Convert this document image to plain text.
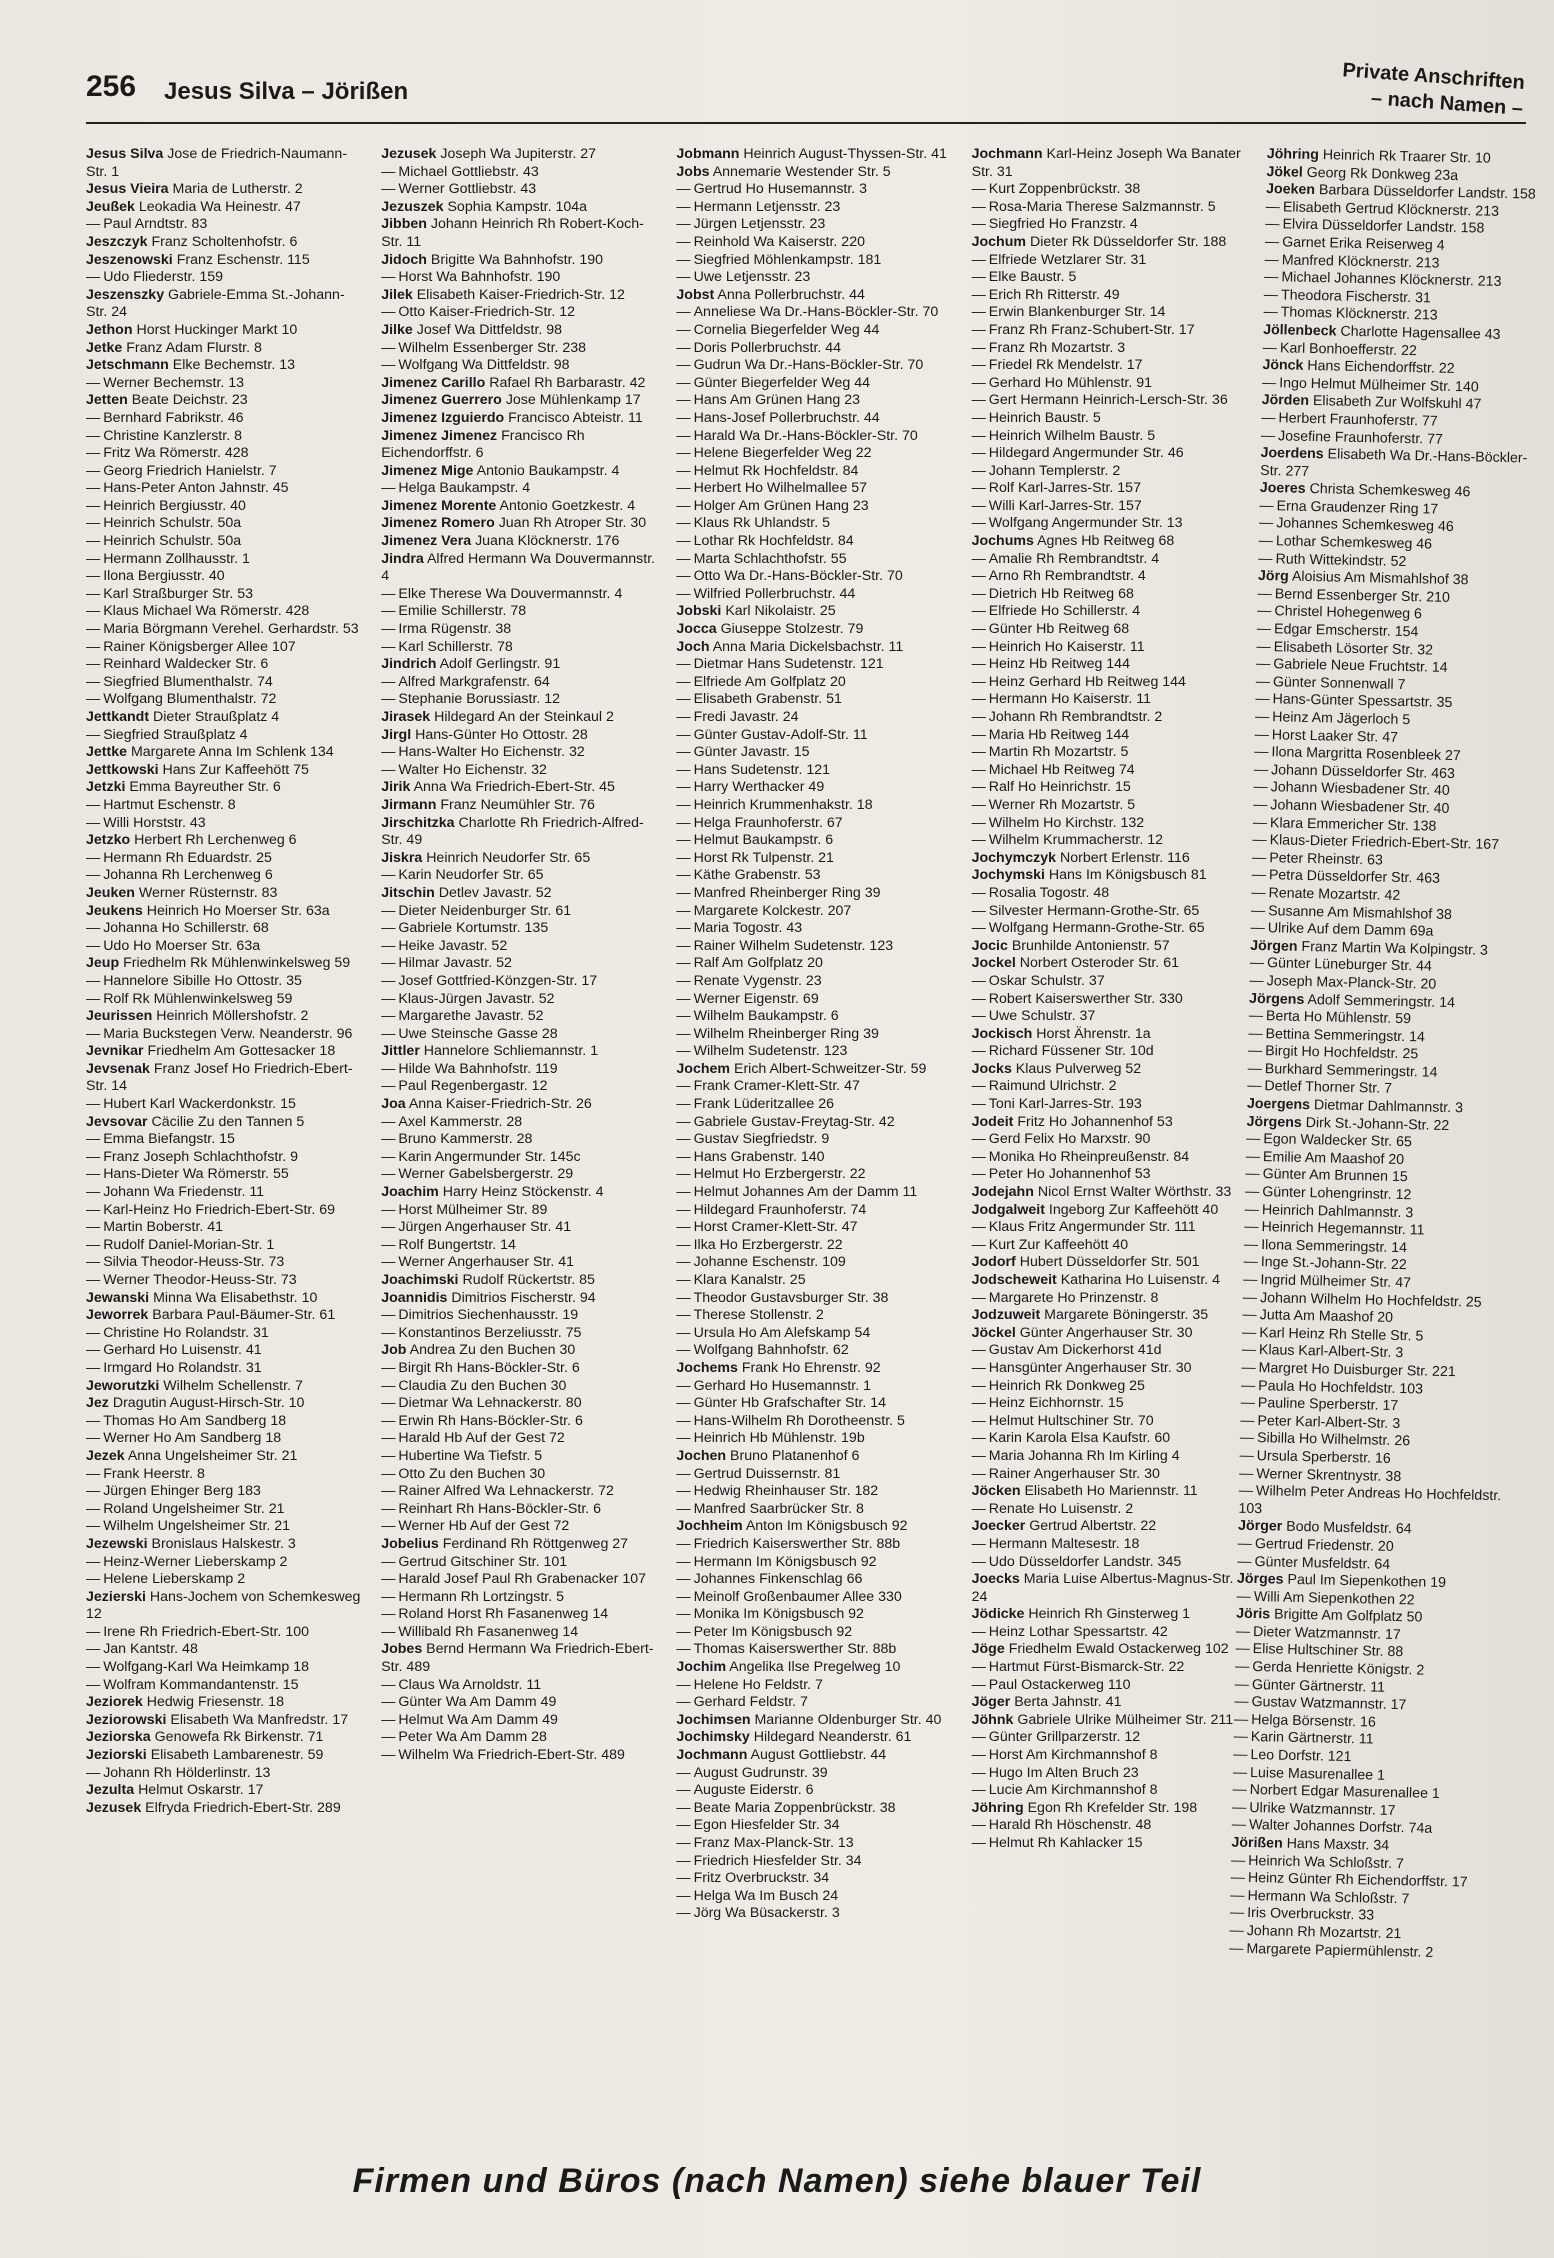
256 Jesus Silva – Jörißen	Private Anschriften
– nach Namen –
Jesus Silva Jose de Friedrich-Naumann-Str. 1
Jesus Vieira Maria de Lutherstr. 2
Jeußek Leokadia Wa Heinestr. 47
— Paul Arndtstr. 83
Jeszczyk Franz Scholtenhofstr. 6
Jeszenowski Franz Eschenstr. 115
— Udo Fliederstr. 159
Jeszenszky Gabriele-Emma St.-Johann-Str. 24
Jethon Horst Huckinger Markt 10
Jetke Franz Adam Flurstr. 8
Jetschmann Elke Bechemstr. 13
— Werner Bechemstr. 13
Jetten Beate Deichstr. 23
— Bernhard Fabrikstr. 46
— Christine Kanzlerstr. 8
— Fritz Wa Römerstr. 428
— Georg Friedrich Hanielstr. 7
— Hans-Peter Anton Jahnstr. 45
— Heinrich Bergiusstr. 40
— Heinrich Schulstr. 50a
— Heinrich Schulstr. 50a
— Hermann Zollhausstr. 1
— Ilona Bergiusstr. 40
— Karl Straßburger Str. 53
— Klaus Michael Wa Römerstr. 428
— Maria Börgmann Verehel. Gerhardstr. 53
— Rainer Königsberger Allee 107
— Reinhard Waldecker Str. 6
— Siegfried Blumenthalstr. 74
— Wolfgang Blumenthalstr. 72
Jettkandt Dieter Straußplatz 4
— Siegfried Straußplatz 4
Jettke Margarete Anna Im Schlenk 134
Jettkowski Hans Zur Kaffeehött 75
Jetzki Emma Bayreuther Str. 6
— Hartmut Eschenstr. 8
— Willi Horststr. 43
Jetzko Herbert Rh Lerchenweg 6
— Hermann Rh Eduardstr. 25
— Johanna Rh Lerchenweg 6
Jeuken Werner Rüsternstr. 83
Jeukens Heinrich Ho Moerser Str. 63a
— Johanna Ho Schillerstr. 68
— Udo Ho Moerser Str. 63a
Jeup Friedhelm Rk Mühlenwinkelsweg 59
— Hannelore Sibille Ho Ottostr. 35
— Rolf Rk Mühlenwinkelsweg 59
Jeurissen Heinrich Möllershofstr. 2
— Maria Buckstegen Verw. Neanderstr. 96
Jevnikar Friedhelm Am Gottesacker 18
Jevsenak Franz Josef Ho Friedrich-Ebert-Str. 14
— Hubert Karl Wackerdonkstr. 15
Jevsovar Cäcilie Zu den Tannen 5
— Emma Biefangstr. 15
— Franz Joseph Schlachthofstr. 9
— Hans-Dieter Wa Römerstr. 55
— Johann Wa Friedenstr. 11
— Karl-Heinz Ho Friedrich-Ebert-Str. 69
— Martin Boberstr. 41
— Rudolf Daniel-Morian-Str. 1
— Silvia Theodor-Heuss-Str. 73
— Werner Theodor-Heuss-Str. 73
Jewanski Minna Wa Elisabethstr. 10
Jeworrek Barbara Paul-Bäumer-Str. 61
— Christine Ho Rolandstr. 31
— Gerhard Ho Luisenstr. 41
— Irmgard Ho Rolandstr. 31
Jeworutzki Wilhelm Schellenstr. 7
Jez Dragutin August-Hirsch-Str. 10
— Thomas Ho Am Sandberg 18
— Werner Ho Am Sandberg 18
Jezek Anna Ungelsheimer Str. 21
— Frank Heerstr. 8
— Jürgen Ehinger Berg 183
— Roland Ungelsheimer Str. 21
— Wilhelm Ungelsheimer Str. 21
Jezewski Bronislaus Halskestr. 3
— Heinz-Werner Lieberskamp 2
— Helene Lieberskamp 2
Jezierski Hans-Jochem von Schemkesweg 12
— Irene Rh Friedrich-Ebert-Str. 100
— Jan Kantstr. 48
— Wolfgang-Karl Wa Heimkamp 18
— Wolfram Kommandantenstr. 15
Jeziorek Hedwig Friesenstr. 18
Jeziorowski Elisabeth Wa Manfredstr. 17
Jeziorska Genowefa Rk Birkenstr. 71
Jeziorski Elisabeth Lambarenestr. 59
— Johann Rh Hölderlinstr. 13
Jezulta Helmut Oskarstr. 17
Jezusek Elfryda Friedrich-Ebert-Str. 289
Jezusek Joseph Wa Jupiterstr. 27
— Michael Gottliebstr. 43
— Werner Gottliebstr. 43
Jezuszek Sophia Kampstr. 104a
Jibben Johann Heinrich Rh Robert-Koch-Str. 11
Jidoch Brigitte Wa Bahnhofstr. 190
— Horst Wa Bahnhofstr. 190
Jilek Elisabeth Kaiser-Friedrich-Str. 12
— Otto Kaiser-Friedrich-Str. 12
Jilke Josef Wa Dittfeldstr. 98
— Wilhelm Essenberger Str. 238
— Wolfgang Wa Dittfeldstr. 98
Jimenez Carillo Rafael Rh Barbarastr. 42
Jimenez Guerrero Jose Mühlenkamp 17
Jimenez Izguierdo Francisco Abteistr. 11
Jimenez Jimenez Francisco Rh Eichendorffstr. 6
Jimenez Mige Antonio Baukampstr. 4
— Helga Baukampstr. 4
Jimenez Morente Antonio Goetzkestr. 4
Jimenez Romero Juan Rh Atroper Str. 30
Jimenez Vera Juana Klöcknerstr. 176
Jindra Alfred Hermann Wa Douvermannstr. 4
— Elke Therese Wa Douvermannstr. 4
— Emilie Schillerstr. 78
— Irma Rügenstr. 38
— Karl Schillerstr. 78
Jindrich Adolf Gerlingstr. 91
— Alfred Markgrafenstr. 64
— Stephanie Borussiastr. 12
Jirasek Hildegard An der Steinkaul 2
Jirgl Hans-Günter Ho Ottostr. 28
— Hans-Walter Ho Eichenstr. 32
— Walter Ho Eichenstr. 32
Jirik Anna Wa Friedrich-Ebert-Str. 45
Jirmann Franz Neumühler Str. 76
Jirschitzka Charlotte Rh Friedrich-Alfred-Str. 49
Jiskra Heinrich Neudorfer Str. 65
— Karin Neudorfer Str. 65
Jitschin Detlev Javastr. 52
— Dieter Neidenburger Str. 61
— Gabriele Kortumstr. 135
— Heike Javastr. 52
— Hilmar Javastr. 52
— Josef Gottfried-Könzgen-Str. 17
— Klaus-Jürgen Javastr. 52
— Margarethe Javastr. 52
— Uwe Steinsche Gasse 28
Jittler Hannelore Schliemannstr. 1
— Hilde Wa Bahnhofstr. 119
— Paul Regenbergastr. 12
Joa Anna Kaiser-Friedrich-Str. 26
— Axel Kammerstr. 28
— Bruno Kammerstr. 28
— Karin Angermunder Str. 145c
— Werner Gabelsbergerstr. 29
Joachim Harry Heinz Stöckenstr. 4
— Horst Mülheimer Str. 89
— Jürgen Angerhauser Str. 41
— Rolf Bungertstr. 14
— Werner Angerhauser Str. 41
Joachimski Rudolf Rückertstr. 85
Joannidis Dimitrios Fischerstr. 94
— Dimitrios Siechenhausstr. 19
— Konstantinos Berzeliusstr. 75
Job Andrea Zu den Buchen 30
— Birgit Rh Hans-Böckler-Str. 6
— Claudia Zu den Buchen 30
— Dietmar Wa Lehnackerstr. 80
— Erwin Rh Hans-Böckler-Str. 6
— Harald Hb Auf der Gest 72
— Hubertine Wa Tiefstr. 5
— Otto Zu den Buchen 30
— Rainer Alfred Wa Lehnackerstr. 72
— Reinhart Rh Hans-Böckler-Str. 6
— Werner Hb Auf der Gest 72
Jobelius Ferdinand Rh Röttgenweg 27
— Gertrud Gitschiner Str. 101
— Harald Josef Paul Rh Grabenacker 107
— Hermann Rh Lortzingstr. 5
— Roland Horst Rh Fasanenweg 14
— Willibald Rh Fasanenweg 14
Jobes Bernd Hermann Wa Friedrich-Ebert-Str. 489
— Claus Wa Arnoldstr. 11
— Günter Wa Am Damm 49
— Helmut Wa Am Damm 49
— Peter Wa Am Damm 28
— Wilhelm Wa Friedrich-Ebert-Str. 489
Jobmann Heinrich August-Thyssen-Str. 41
Jobs Annemarie Westender Str. 5
— Gertrud Ho Husemannstr. 3
— Hermann Letjensstr. 23
— Jürgen Letjensstr. 23
— Reinhold Wa Kaiserstr. 220
— Siegfried Möhlenkampstr. 181
— Uwe Letjensstr. 23
Jobst Anna Pollerbruchstr. 44
— Anneliese Wa Dr.-Hans-Böckler-Str. 70
— Cornelia Biegerfelder Weg 44
— Doris Pollerbruchstr. 44
— Gudrun Wa Dr.-Hans-Böckler-Str. 70
— Günter Biegerfelder Weg 44
— Hans Am Grünen Hang 23
— Hans-Josef Pollerbruchstr. 44
— Harald Wa Dr.-Hans-Böckler-Str. 70
— Helene Biegerfelder Weg 22
— Helmut Rk Hochfeldstr. 84
— Herbert Ho Wilhelmallee 57
— Holger Am Grünen Hang 23
— Klaus Rk Uhlandstr. 5
— Lothar Rk Hochfeldstr. 84
— Marta Schlachthofstr. 55
— Otto Wa Dr.-Hans-Böckler-Str. 70
— Wilfried Pollerbruchstr. 44
Jobski Karl Nikolaistr. 25
Jocca Giuseppe Stolzestr. 79
Joch Anna Maria Dickelsbachstr. 11
— Dietmar Hans Sudetenstr. 121
— Elfriede Am Golfplatz 20
— Elisabeth Grabenstr. 51
— Fredi Javastr. 24
— Günter Gustav-Adolf-Str. 11
— Günter Javastr. 15
— Hans Sudetenstr. 121
— Harry Werthacker 49
— Heinrich Krummenhakstr. 18
— Helga Fraunhoferstr. 67
— Helmut Baukampstr. 6
— Horst Rk Tulpenstr. 21
— Käthe Grabenstr. 53
— Manfred Rheinberger Ring 39
— Margarete Kolckestr. 207
— Maria Togostr. 43
— Rainer Wilhelm Sudetenstr. 123
— Ralf Am Golfplatz 20
— Renate Vygenstr. 23
— Werner Eigenstr. 69
— Wilhelm Baukampstr. 6
— Wilhelm Rheinberger Ring 39
— Wilhelm Sudetenstr. 123
Jochem Erich Albert-Schweitzer-Str. 59
— Frank Cramer-Klett-Str. 47
— Frank Lüderitzallee 26
— Gabriele Gustav-Freytag-Str. 42
— Gustav Siegfriedstr. 9
— Hans Grabenstr. 140
— Helmut Ho Erzbergerstr. 22
— Helmut Johannes Am der Damm 11
— Hildegard Fraunhoferstr. 74
— Horst Cramer-Klett-Str. 47
— Ilka Ho Erzbergerstr. 22
— Johanne Eschenstr. 109
— Klara Kanalstr. 25
— Theodor Gustavsburger Str. 38
— Therese Stollenstr. 2
— Ursula Ho Am Alefskamp 54
— Wolfgang Bahnhofstr. 62
Jochems Frank Ho Ehrenstr. 92
— Gerhard Ho Husemannstr. 1
— Günter Hb Grafschafter Str. 14
— Hans-Wilhelm Rh Dorotheenstr. 5
— Heinrich Hb Mühlenstr. 19b
Jochen Bruno Platanenhof 6
— Gertrud Duissernstr. 81
— Hedwig Rheinhauser Str. 182
— Manfred Saarbrücker Str. 8
Jochheim Anton Im Königsbusch 92
— Friedrich Kaiserswerther Str. 88b
— Hermann Im Königsbusch 92
— Johannes Finkenschlag 66
— Meinolf Großenbaumer Allee 330
— Monika Im Königsbusch 92
— Peter Im Königsbusch 92
— Thomas Kaiserswerther Str. 88b
Jochim Angelika Ilse Pregelweg 10
— Helene Ho Feldstr. 7
— Gerhard Feldstr. 7
Jochimsen Marianne Oldenburger Str. 40
Jochimsky Hildegard Neanderstr. 61
Jochmann August Gottliebstr. 44
— August Gudrunstr. 39
— Auguste Eiderstr. 6
— Beate Maria Zoppenbrückstr. 38
— Egon Hiesfelder Str. 34
— Franz Max-Planck-Str. 13
— Friedrich Hiesfelder Str. 34
— Fritz Overbruckstr. 34
— Helga Wa Im Busch 24
— Jörg Wa Büsackerstr. 3
Jochmann Karl-Heinz Joseph Wa Banater Str. 31
— Kurt Zoppenbrückstr. 38
— Rosa-Maria Therese Salzmannstr. 5
— Siegfried Ho Franzstr. 4
Jochum Dieter Rk Düsseldorfer Str. 188
— Elfriede Wetzlarer Str. 31
— Elke Baustr. 5
— Erich Rh Ritterstr. 49
— Erwin Blankenburger Str. 14
— Franz Rh Franz-Schubert-Str. 17
— Franz Rh Mozartstr. 3
— Friedel Rk Mendelstr. 17
— Gerhard Ho Mühlenstr. 91
— Gert Hermann Heinrich-Lersch-Str. 36
— Heinrich Baustr. 5
— Heinrich Wilhelm Baustr. 5
— Hildegard Angermunder Str. 46
— Johann Templerstr. 2
— Rolf Karl-Jarres-Str. 157
— Willi Karl-Jarres-Str. 157
— Wolfgang Angermunder Str. 13
Jochums Agnes Hb Reitweg 68
— Amalie Rh Rembrandtstr. 4
— Arno Rh Rembrandtstr. 4
— Dietrich Hb Reitweg 68
— Elfriede Ho Schillerstr. 4
— Günter Hb Reitweg 68
— Heinrich Ho Kaiserstr. 11
— Heinz Hb Reitweg 144
— Heinz Gerhard Hb Reitweg 144
— Hermann Ho Kaiserstr. 11
— Johann Rh Rembrandtstr. 2
— Maria Hb Reitweg 144
— Martin Rh Mozartstr. 5
— Michael Hb Reitweg 74
— Ralf Ho Heinrichstr. 15
— Werner Rh Mozartstr. 5
— Wilhelm Ho Kirchstr. 132
— Wilhelm Krummacherstr. 12
Jochymczyk Norbert Erlenstr. 116
Jochymski Hans Im Königsbusch 81
— Rosalia Togostr. 48
— Silvester Hermann-Grothe-Str. 65
— Wolfgang Hermann-Grothe-Str. 65
Jocic Brunhilde Antonienstr. 57
Jockel Norbert Osteroder Str. 61
— Oskar Schulstr. 37
— Robert Kaiserswerther Str. 330
— Uwe Schulstr. 37
Jockisch Horst Ährenstr. 1a
— Richard Füssener Str. 10d
Jocks Klaus Pulverweg 52
— Raimund Ulrichstr. 2
— Toni Karl-Jarres-Str. 193
Jodeit Fritz Ho Johannenhof 53
— Gerd Felix Ho Marxstr. 90
— Monika Ho Rheinpreußenstr. 84
— Peter Ho Johannenhof 53
Jodejahn Nicol Ernst Walter Wörthstr. 33
Jodgalweit Ingeborg Zur Kaffeehött 40
— Klaus Fritz Angermunder Str. 111
— Kurt Zur Kaffeehött 40
Jodorf Hubert Düsseldorfer Str. 501
Jodscheweit Katharina Ho Luisenstr. 4
— Margarete Ho Prinzenstr. 8
Jodzuweit Margarete Böningerstr. 35
Jöckel Günter Angerhauser Str. 30
— Gustav Am Dickerhorst 41d
— Hansgünter Angerhauser Str. 30
— Heinrich Rk Donkweg 25
— Heinz Eichhornstr. 15
— Helmut Hultschiner Str. 70
— Karin Karola Elsa Kaufstr. 60
— Maria Johanna Rh Im Kirling 4
— Rainer Angerhauser Str. 30
Jöcken Elisabeth Ho Mariennstr. 11
— Renate Ho Luisenstr. 2
Joecker Gertrud Albertstr. 22
— Hermann Maltesestr. 18
— Udo Düsseldorfer Landstr. 345
Joecks Maria Luise Albertus-Magnus-Str. 24
Jödicke Heinrich Rh Ginsterweg 1
— Heinz Lothar Spessartstr. 42
Jöge Friedhelm Ewald Ostackerweg 102
— Hartmut Fürst-Bismarck-Str. 22
— Paul Ostackerweg 110
Jöger Berta Jahnstr. 41
Jöhnk Gabriele Ulrike Mülheimer Str. 211
— Günter Grillparzerstr. 12
— Horst Am Kirchmannshof 8
— Hugo Im Alten Bruch 23
— Lucie Am Kirchmannshof 8
Jöhring Egon Rh Krefelder Str. 198
— Harald Rh Höschenstr. 48
— Helmut Rh Kahlacker 15
Jöhring Heinrich Rk Traarer Str. 10
Jökel Georg Rk Donkweg 23a
Joeken Barbara Düsseldorfer Landstr. 158
— Elisabeth Gertrud Klöcknerstr. 213
— Elvira Düsseldorfer Landstr. 158
— Garnet Erika Reiserweg 4
— Manfred Klöcknerstr. 213
— Michael Johannes Klöcknerstr. 213
— Theodora Fischerstr. 31
— Thomas Klöcknerstr. 213
Jöllenbeck Charlotte Hagensallee 43
— Karl Bonhoefferstr. 22
Jönck Hans Eichendorffstr. 22
— Ingo Helmut Mülheimer Str. 140
Jörden Elisabeth Zur Wolfskuhl 47
— Herbert Fraunhoferstr. 77
— Josefine Fraunhoferstr. 77
Joerdens Elisabeth Wa Dr.-Hans-Böckler-Str. 277
Joeres Christa Schemkesweg 46
— Erna Graudenzer Ring 17
— Johannes Schemkesweg 46
— Lothar Schemkesweg 46
— Ruth Wittekindstr. 52
Jörg Aloisius Am Mismahlshof 38
— Bernd Essenberger Str. 210
— Christel Hohegenweg 6
— Edgar Emscherstr. 154
— Elisabeth Lösorter Str. 32
— Gabriele Neue Fruchtstr. 14
— Günter Sonnenwall 7
— Hans-Günter Spessartstr. 35
— Heinz Am Jägerloch 5
— Horst Laaker Str. 47
— Ilona Margritta Rosenbleek 27
— Johann Düsseldorfer Str. 463
— Johann Wiesbadener Str. 40
— Johann Wiesbadener Str. 40
— Klara Emmericher Str. 138
— Klaus-Dieter Friedrich-Ebert-Str. 167
— Peter Rheinstr. 63
— Petra Düsseldorfer Str. 463
— Renate Mozartstr. 42
— Susanne Am Mismahlshof 38
— Ulrike Auf dem Damm 69a
Jörgen Franz Martin Wa Kolpingstr. 3
— Günter Lüneburger Str. 44
— Joseph Max-Planck-Str. 20
Jörgens Adolf Semmeringstr. 14
— Berta Ho Mühlenstr. 59
— Bettina Semmeringstr. 14
— Birgit Ho Hochfeldstr. 25
— Burkhard Semmeringstr. 14
— Detlef Thorner Str. 7
Joergens Dietmar Dahlmannstr. 3
Jörgens Dirk St.-Johann-Str. 22
— Egon Waldecker Str. 65
— Emilie Am Maashof 20
— Günter Am Brunnen 15
— Günter Lohengrinstr. 12
— Heinrich Dahlmannstr. 3
— Heinrich Hegemannstr. 11
— Ilona Semmeringstr. 14
— Inge St.-Johann-Str. 22
— Ingrid Mülheimer Str. 47
— Johann Wilhelm Ho Hochfeldstr. 25
— Jutta Am Maashof 20
— Karl Heinz Rh Stelle Str. 5
— Klaus Karl-Albert-Str. 3
— Margret Ho Duisburger Str. 221
— Paula Ho Hochfeldstr. 103
— Pauline Sperberstr. 17
— Peter Karl-Albert-Str. 3
— Sibilla Ho Wilhelmstr. 26
— Ursula Sperberstr. 16
— Werner Skrentnystr. 38
— Wilhelm Peter Andreas Ho Hochfeldstr. 103
Jörger Bodo Musfeldstr. 64
— Gertrud Friedenstr. 20
— Günter Musfeldstr. 64
Jörges Paul Im Siepenkothen 19
— Willi Am Siepenkothen 22
Jöris Brigitte Am Golfplatz 50
— Dieter Watzmannstr. 17
— Elise Hultschiner Str. 88
— Gerda Henriette Königstr. 2
— Günter Gärtnerstr. 11
— Gustav Watzmannstr. 17
— Helga Börsenstr. 16
— Karin Gärtnerstr. 11
— Leo Dorfstr. 121
— Luise Masurenallee 1
— Norbert Edgar Masurenallee 1
— Ulrike Watzmannstr. 17
— Walter Johannes Dorfstr. 74a
Jörißen Hans Maxstr. 34
— Heinrich Wa Schloßstr. 7
— Heinz Günter Rh Eichendorffstr. 17
— Hermann Wa Schloßstr. 7
— Iris Overbruckstr. 33
— Johann Rh Mozartstr. 21
— Margarete Papiermühlenstr. 2
Firmen und Büros (nach Namen) siehe blauer Teil
